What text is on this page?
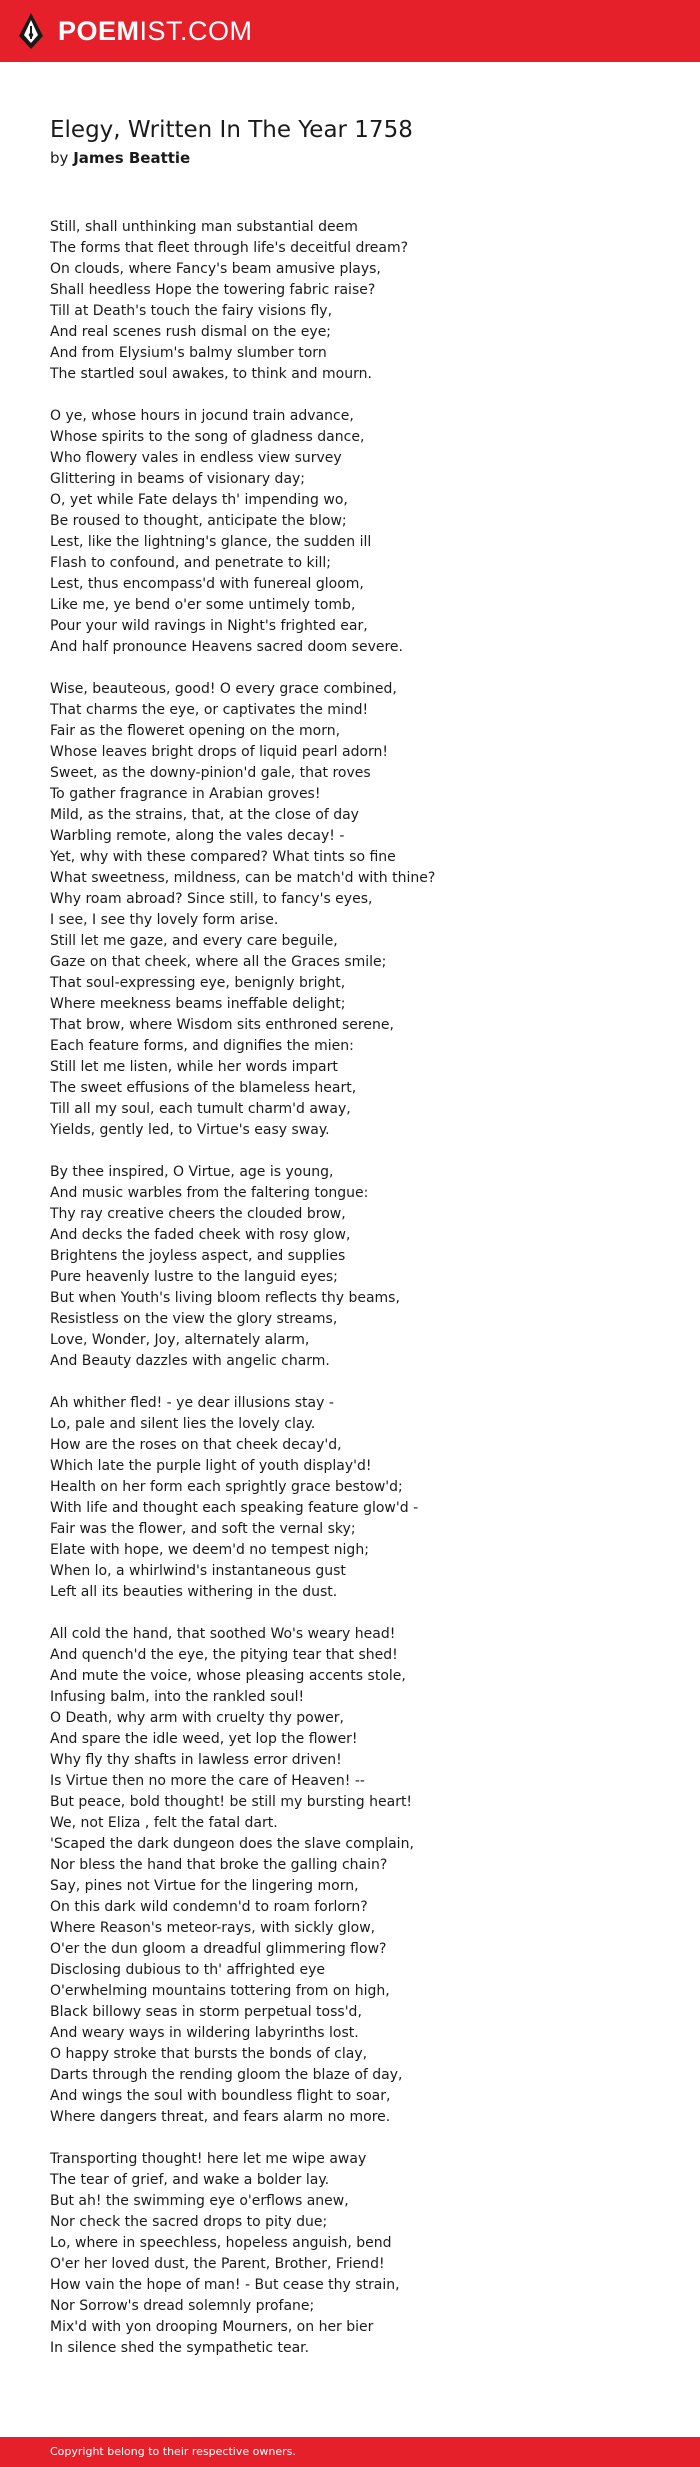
POEMIST.COM
Elegy, Written In The Year 1758
by James Beattie

Still, shall unthinking man substantial deem
The forms that fleet through life's deceitful dream?
On clouds, where Fancy's beam amusive plays,
Shall heedless Hope the towering fabric raise?
Till at Death's touch the fairy visions fly,
And real scenes rush dismal on the eye;
And from Elysium's balmy slumber torn
The startled soul awakes, to think and mourn.

O ye, whose hours in jocund train advance,
Whose spirits to the song of gladness dance,
Who flowery vales in endless view survey
Glittering in beams of visionary day;
O, yet while Fate delays th' impending wo,
Be roused to thought, anticipate the blow;
Lest, like the lightning's glance, the sudden ill
Flash to confound, and penetrate to kill;
Lest, thus encompass'd with funereal gloom,
Like me, ye bend o'er some untimely tomb,
Pour your wild ravings in Night's frighted ear,
And half pronounce Heavens sacred doom severe.

Wise, beauteous, good! O every grace combined,
That charms the eye, or captivates the mind!
Fair as the floweret opening on the morn,
Whose leaves bright drops of liquid pearl adorn!
Sweet, as the downy-pinion'd gale, that roves
To gather fragrance in Arabian groves!
Mild, as the strains, that, at the close of day
Warbling remote, along the vales decay! -
Yet, why with these compared? What tints so fine
What sweetness, mildness, can be match'd with thine?
Why roam abroad? Since still, to fancy's eyes,
I see, I see thy lovely form arise.
Still let me gaze, and every care beguile,
Gaze on that cheek, where all the Graces smile;
That soul-expressing eye, benignly bright,
Where meekness beams ineffable delight;
That brow, where Wisdom sits enthroned serene,
Each feature forms, and dignifies the mien:
Still let me listen, while her words impart
The sweet effusions of the blameless heart,
Till all my soul, each tumult charm'd away,
Yields, gently led, to Virtue's easy sway.

By thee inspired, O Virtue, age is young,
And music warbles from the faltering tongue:
Thy ray creative cheers the clouded brow,
And decks the faded cheek with rosy glow,
Brightens the joyless aspect, and supplies
Pure heavenly lustre to the languid eyes;
But when Youth's living bloom reflects thy beams,
Resistless on the view the glory streams,
Love, Wonder, Joy, alternately alarm,
And Beauty dazzles with angelic charm.

Ah whither fled! - ye dear illusions stay -
Lo, pale and silent lies the lovely clay.
How are the roses on that cheek decay'd,
Which late the purple light of youth display'd!
Health on her form each sprightly grace bestow'd;
With life and thought each speaking feature glow'd -
Fair was the flower, and soft the vernal sky;
Elate with hope, we deem'd no tempest nigh;
When lo, a whirlwind's instantaneous gust
Left all its beauties withering in the dust.

All cold the hand, that soothed Wo's weary head!
And quench'd the eye, the pitying tear that shed!
And mute the voice, whose pleasing accents stole,
Infusing balm, into the rankled soul!
O Death, why arm with cruelty thy power,
And spare the idle weed, yet lop the flower!
Why fly thy shafts in lawless error driven!
Is Virtue then no more the care of Heaven! --
But peace, bold thought! be still my bursting heart!
We, not Eliza , felt the fatal dart.
'Scaped the dark dungeon does the slave complain,
Nor bless the hand that broke the galling chain?
Say, pines not Virtue for the lingering morn,
On this dark wild condemn'd to roam forlorn?
Where Reason's meteor-rays, with sickly glow,
O'er the dun gloom a dreadful glimmering flow?
Disclosing dubious to th' affrighted eye
O'erwhelming mountains tottering from on high,
Black billowy seas in storm perpetual toss'd,
And weary ways in wildering labyrinths lost.
O happy stroke that bursts the bonds of clay,
Darts through the rending gloom the blaze of day,
And wings the soul with boundless flight to soar,
Where dangers threat, and fears alarm no more.

Transporting thought! here let me wipe away
The tear of grief, and wake a bolder lay.
But ah! the swimming eye o'erflows anew,
Nor check the sacred drops to pity due;
Lo, where in speechless, hopeless anguish, bend
O'er her loved dust, the Parent, Brother, Friend!
How vain the hope of man! - But cease thy strain,
Nor Sorrow's dread solemnly profane;
Mix'd with yon drooping Mourners, on her bier
In silence shed the sympathetic tear.

Copyright belong to their respective owners.
